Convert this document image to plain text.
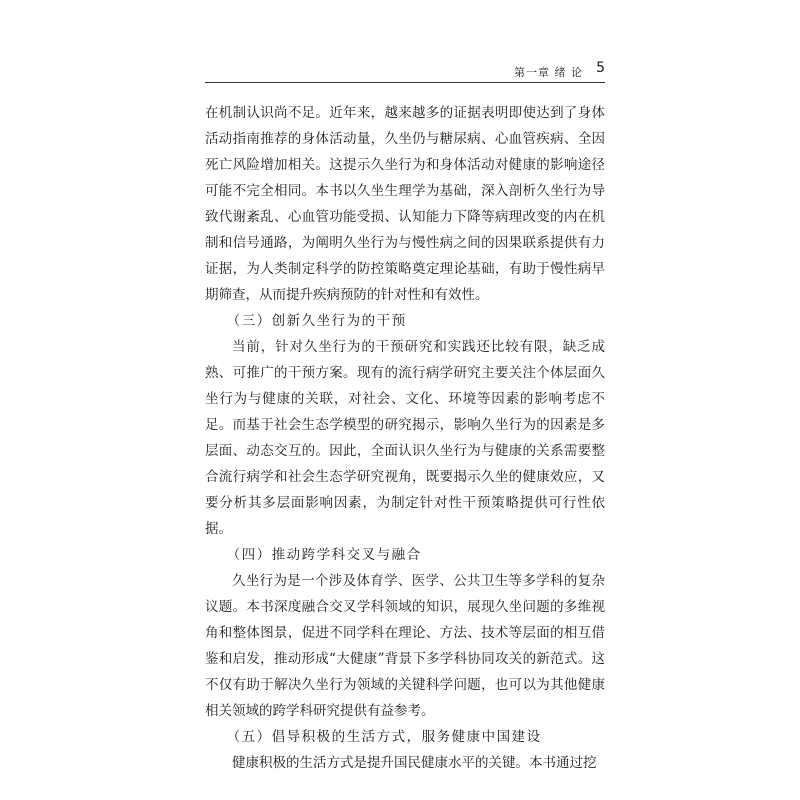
第一章 绪 论 5

在机制认识尚不足。近年来，越来越多的证据表明即使达到了身体活动指南推荐的身体活动量，久坐仍与糖尿病、心血管疾病、全因死亡风险增加相关。这提示久坐行为和身体活动对健康的影响途径可能不完全相同。本书以久坐生理学为基础，深入剖析久坐行为导致代谢紊乱、心血管功能受损、认知能力下降等病理改变的内在机制和信号通路，为阐明久坐行为与慢性病之间的因果联系提供有力证据，为人类制定科学的防控策略奠定理论基础，有助于慢性病早期筛查，从而提升疾病预防的针对性和有效性。

（三）创新久坐行为的干预

当前，针对久坐行为的干预研究和实践还比较有限，缺乏成熟、可推广的干预方案。现有的流行病学研究主要关注个体层面久坐行为与健康的关联，对社会、文化、环境等因素的影响考虑不足。而基于社会生态学模型的研究揭示，影响久坐行为的因素是多层面、动态交互的。因此，全面认识久坐行为与健康的关系需要整合流行病学和社会生态学研究视角，既要揭示久坐的健康效应，又要分析其多层面影响因素，为制定针对性干预策略提供可行性依据。

（四）推动跨学科交叉与融合

久坐行为是一个涉及体育学、医学、公共卫生等多学科的复杂议题。本书深度融合交叉学科领域的知识，展现久坐问题的多维视角和整体图景，促进不同学科在理论、方法、技术等层面的相互借鉴和启发，推动形成“大健康”背景下多学科协同攻关的新范式。这不仅有助于解决久坐行为领域的关键科学问题，也可以为其他健康相关领域的跨学科研究提供有益参考。

（五）倡导积极的生活方式，服务健康中国建设

健康积极的生活方式是提升国民健康水平的关键。本书通过挖
